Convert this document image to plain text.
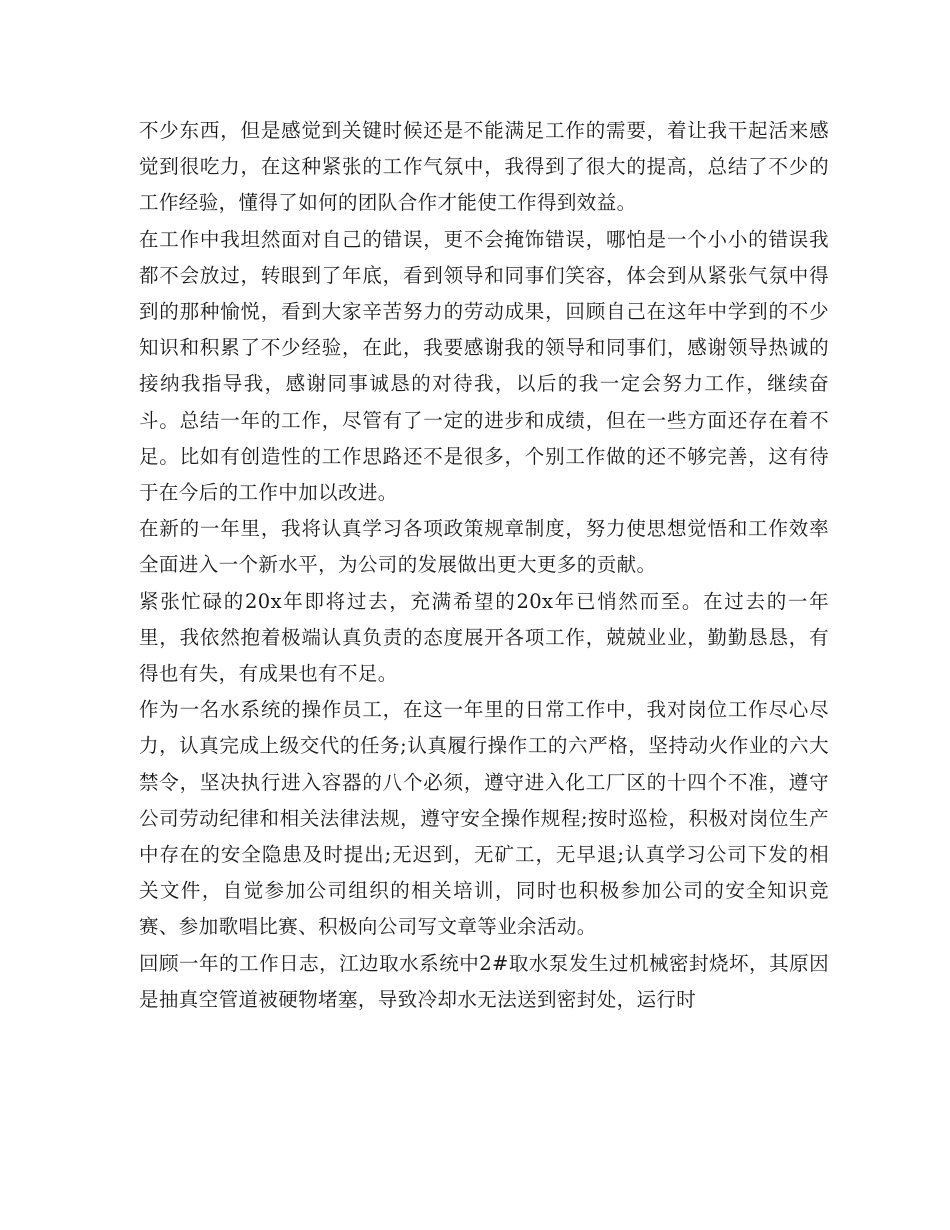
不少东西，但是感觉到关键时候还是不能满足工作的需要，着让我干起活来感觉到很吃力，在这种紧张的工作气氛中，我得到了很大的提高，总结了不少的工作经验，懂得了如何的团队合作才能使工作得到效益。

在工作中我坦然面对自己的错误，更不会掩饰错误，哪怕是一个小小的错误我都不会放过，转眼到了年底，看到领导和同事们笑容，体会到从紧张气氛中得到的那种愉悦，看到大家辛苦努力的劳动成果，回顾自己在这年中学到的不少知识和积累了不少经验，在此，我要感谢我的领导和同事们，感谢领导热诚的接纳我指导我，感谢同事诚恳的对待我，以后的我一定会努力工作，继续奋斗。总结一年的工作，尽管有了一定的进步和成绩，但在一些方面还存在着不足。比如有创造性的工作思路还不是很多，个别工作做的还不够完善，这有待于在今后的工作中加以改进。

在新的一年里，我将认真学习各项政策规章制度，努力使思想觉悟和工作效率全面进入一个新水平，为公司的发展做出更大更多的贡献。

紧张忙碌的20x年即将过去，充满希望的20x年已悄然而至。在过去的一年里，我依然抱着极端认真负责的态度展开各项工作，兢兢业业，勤勤恳恳，有得也有失，有成果也有不足。

作为一名水系统的操作员工，在这一年里的日常工作中，我对岗位工作尽心尽力，认真完成上级交代的任务;认真履行操作工的六严格，坚持动火作业的六大禁令，坚决执行进入容器的八个必须，遵守进入化工厂区的十四个不准，遵守公司劳动纪律和相关法律法规，遵守安全操作规程;按时巡检，积极对岗位生产中存在的安全隐患及时提出;无迟到，无矿工，无早退;认真学习公司下发的相关文件，自觉参加公司组织的相关培训，同时也积极参加公司的安全知识竞赛、参加歌唱比赛、积极向公司写文章等业余活动。

回顾一年的工作日志，江边取水系统中2#取水泵发生过机械密封烧坏，其原因是抽真空管道被硬物堵塞，导致冷却水无法送到密封处，运行时
